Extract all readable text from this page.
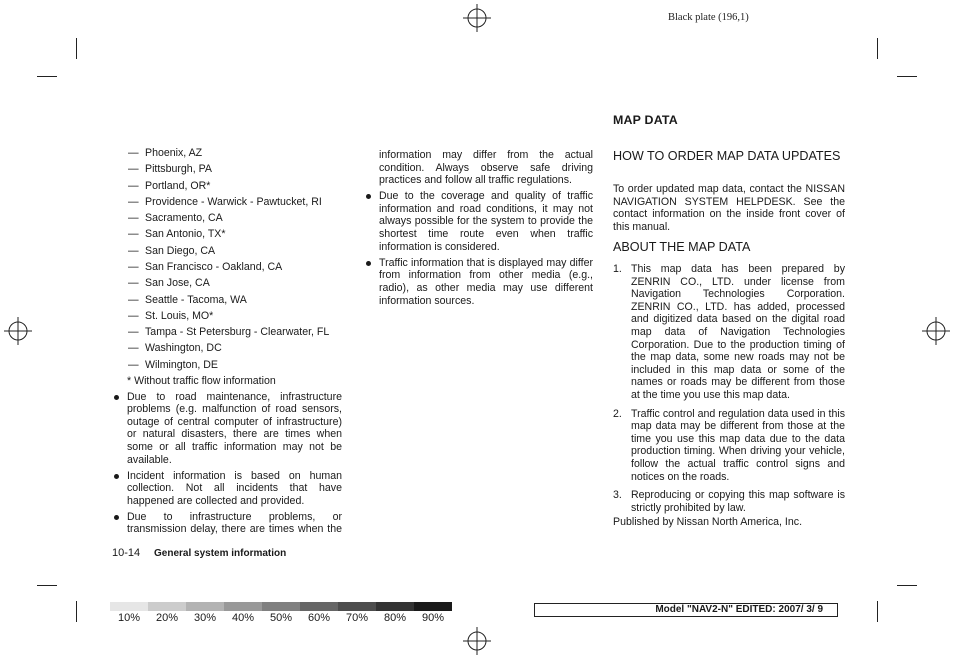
Black plate (196,1)
— Phoenix, AZ
— Pittsburgh, PA
— Portland, OR*
— Providence - Warwick - Pawtucket, RI
— Sacramento, CA
— San Antonio, TX*
— San Diego, CA
— San Francisco - Oakland, CA
— San Jose, CA
— Seattle - Tacoma, WA
— St. Louis, MO*
— Tampa - St Petersburg - Clearwater, FL
— Washington, DC
— Wilmington, DE
* Without traffic flow information
Due to road maintenance, infrastructure problems (e.g. malfunction of road sensors, outage of central computer of infrastructure) or natural disasters, there are times when some or all traffic information may not be available.
Incident information is based on human collection. Not all incidents that have happened are collected and provided.
Due to infrastructure problems, or transmission delay, there are times when the
information may differ from the actual condition. Always observe safe driving practices and follow all traffic regulations.
Due to the coverage and quality of traffic information and road conditions, it may not always possible for the system to provide the shortest time route even when traffic information is considered.
Traffic information that is displayed may differ from information from other media (e.g., radio), as other media may use different information sources.
MAP DATA
HOW TO ORDER MAP DATA UPDATES
To order updated map data, contact the NISSAN NAVIGATION SYSTEM HELPDESK. See the contact information on the inside front cover of this manual.
ABOUT THE MAP DATA
1. This map data has been prepared by ZENRIN CO., LTD. under license from Navigation Technologies Corporation. ZENRIN CO., LTD. has added, processed and digitized data based on the digital road map data of Navigation Technologies Corporation. Due to the production timing of the map data, some new roads may not be included in this map data or some of the names or roads may be different from those at the time you use this map data.
2. Traffic control and regulation data used in this map data may be different from those at the time you use this map data due to the data production timing. When driving your vehicle, follow the actual traffic control signs and notices on the roads.
3. Reproducing or copying this map software is strictly prohibited by law.
Published by Nissan North America, Inc.
10-14 General system information
10%	20%	30%	40%	50%	60%	70%	80%	90%
Model "NAV2-N" EDITED: 2007/ 3/ 9
